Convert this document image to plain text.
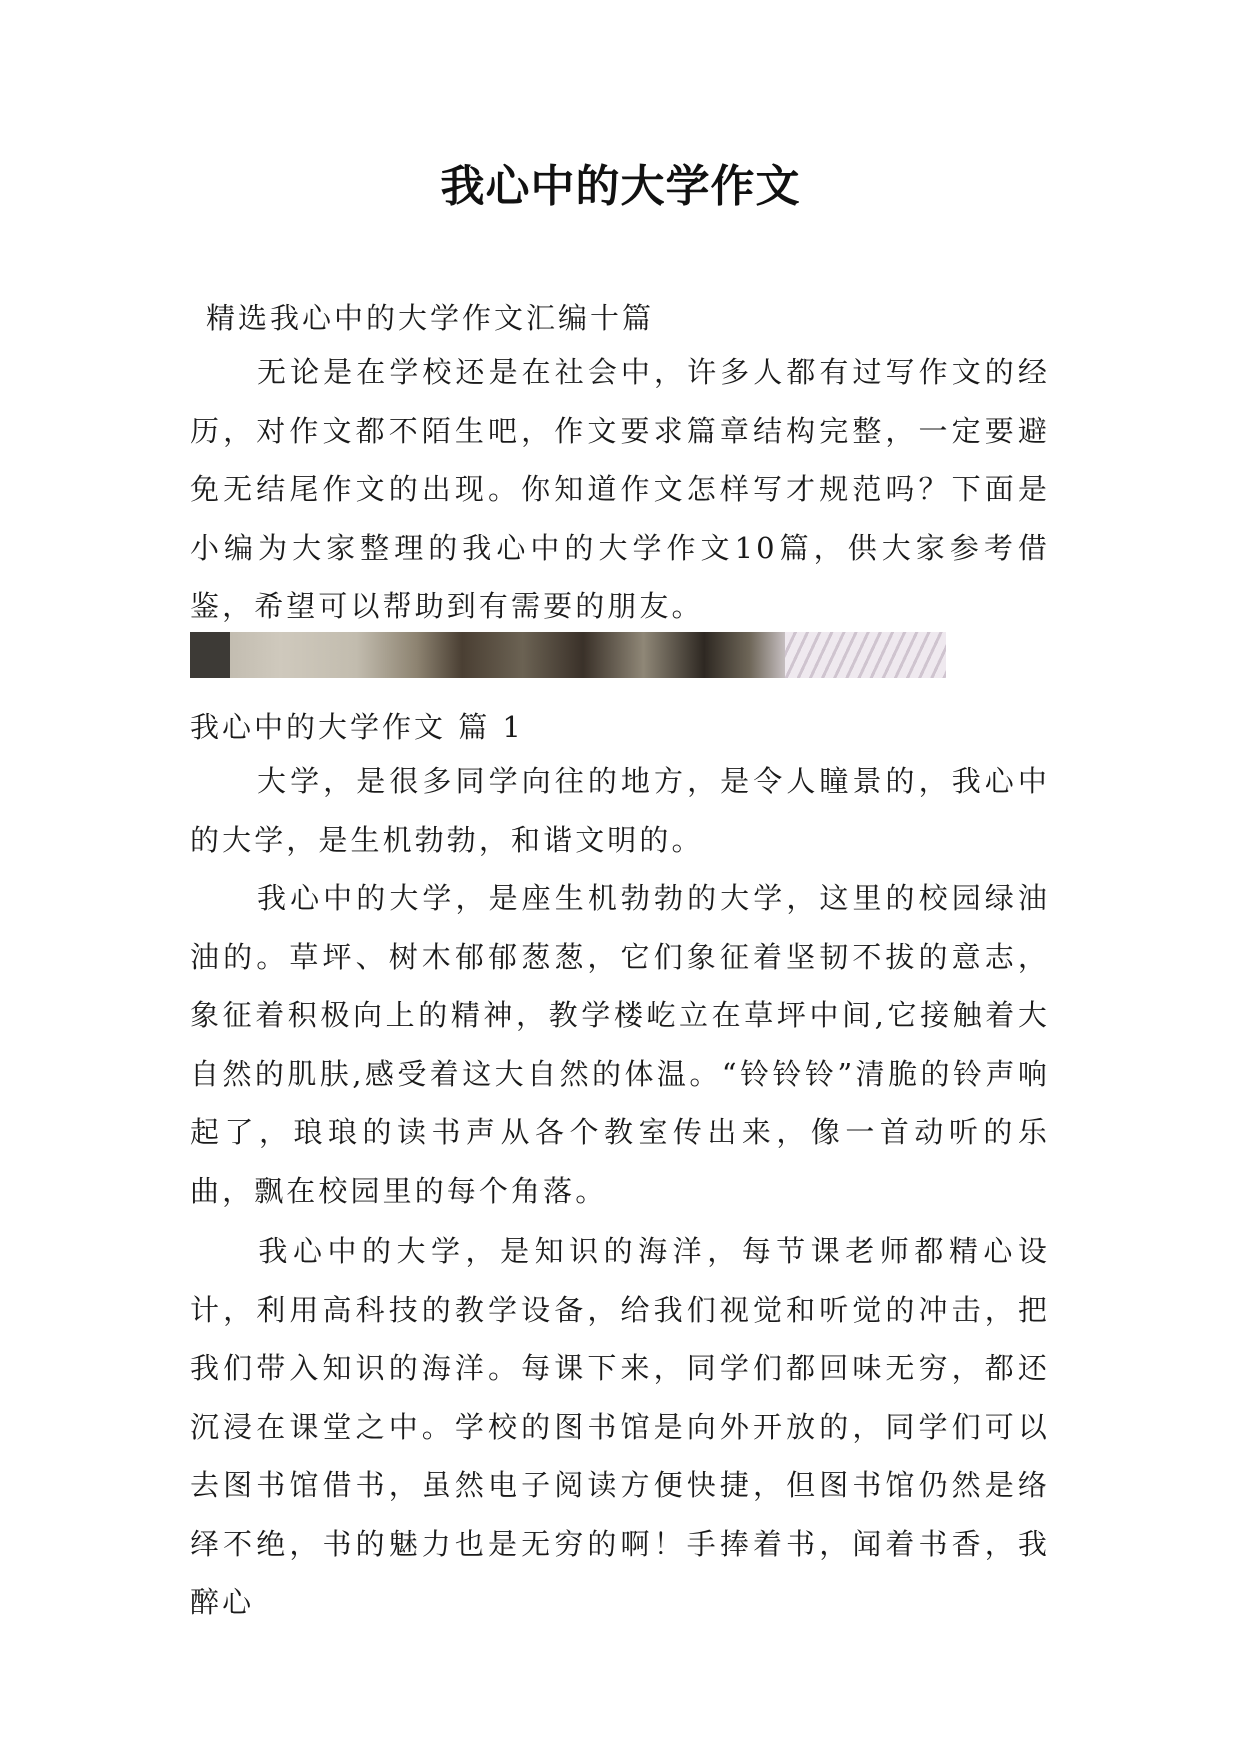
我心中的大学作文
精选我心中的大学作文汇编十篇

无论是在学校还是在社会中，许多人都有过写作文的经历，对作文都不陌生吧，作文要求篇章结构完整，一定要避免无结尾作文的出现。你知道作文怎样写才规范吗？下面是小编为大家整理的我心中的大学作文10篇，供大家参考借鉴，希望可以帮助到有需要的朋友。

我心中的大学作文 篇 1

大学，是很多同学向往的地方，是令人瞳景的，我心中的大学，是生机勃勃，和谐文明的。

我心中的大学，是座生机勃勃的大学，这里的校园绿油油的。草坪、树木郁郁葱葱，它们象征着坚韧不拔的意志，象征着积极向上的精神，教学楼屹立在草坪中间,它接触着大自然的肌肤,感受着这大自然的体温。“铃铃铃”清脆的铃声响起了，琅琅的读书声从各个教室传出来，像一首动听的乐曲，飘在校园里的每个角落。

我心中的大学，是知识的海洋，每节课老师都精心设计，利用高科技的教学设备，给我们视觉和听觉的冲击，把我们带入知识的海洋。每课下来，同学们都回味无穷，都还沉浸在课堂之中。学校的图书馆是向外开放的，同学们可以去图书馆借书，虽然电子阅读方便快捷，但图书馆仍然是络绎不绝，书的魅力也是无穷的啊！手捧着书，闻着书香，我醉心
